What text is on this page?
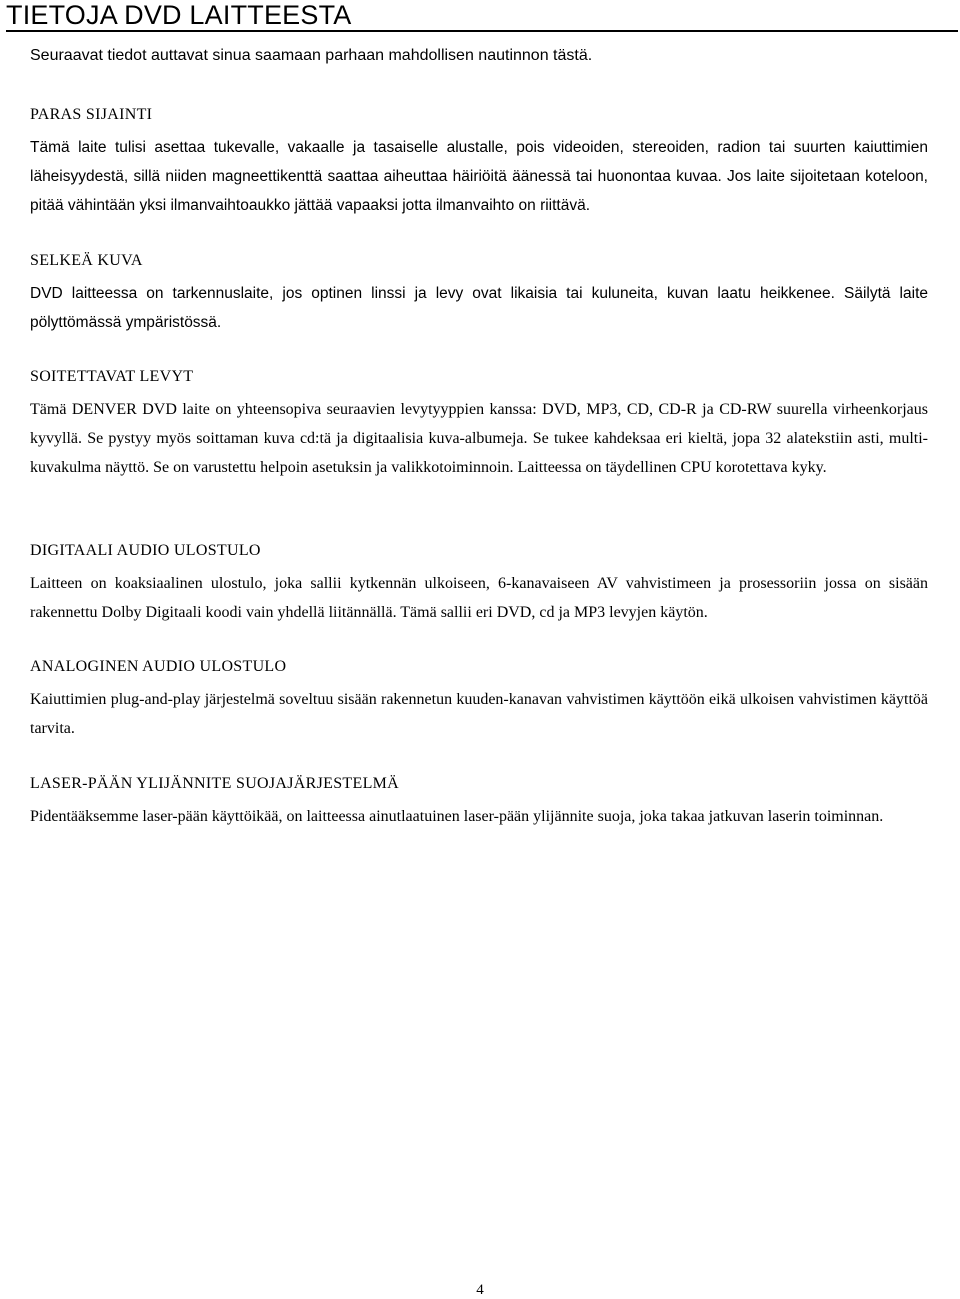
TIETOJA DVD LAITTEESTA

Seuraavat tiedot auttavat sinua saamaan parhaan mahdollisen nautinnon tästä.

PARAS SIJAINTI

Tämä laite tulisi asettaa tukevalle, vakaalle ja tasaiselle alustalle, pois videoiden, stereoiden, radion tai suurten kaiuttimien läheisyydestä, sillä niiden magneettikenttä saattaa aiheuttaa häiriöitä äänessä tai huonontaa kuvaa. Jos laite sijoitetaan koteloon, pitää vähintään yksi ilmanvaihtoaukko jättää vapaaksi jotta ilmanvaihto on riittävä.

SELKEÄ KUVA

DVD laitteessa on tarkennuslaite, jos optinen linssi ja levy ovat likaisia tai kuluneita, kuvan laatu heikkenee. Säilytä laite pölyttömässä ympäristössä.

SOITETTAVAT LEVYT

Tämä DENVER DVD laite on yhteensopiva seuraavien levytyyppien kanssa: DVD, MP3, CD, CD-R ja CD-RW suurella virheenkorjaus kyvyllä. Se pystyy myös soittaman kuva cd:tä ja digitaalisia kuva-albumeja. Se tukee kahdeksaa eri kieltä, jopa 32 alatekstiin asti, multi-kuvakulma näyttö. Se on varustettu helpoin asetuksin ja valikkotoiminnoin. Laitteessa on täydellinen CPU korotettava kyky.

DIGITAALI AUDIO ULOSTULO

Laitteen on koaksiaalinen ulostulo, joka sallii kytkennän ulkoiseen, 6-kanavaiseen AV vahvistimeen ja prosessoriin jossa on sisään rakennettu Dolby Digitaali koodi vain yhdellä liitännällä. Tämä sallii eri DVD, cd ja MP3 levyjen käytön.

ANALOGINEN AUDIO ULOSTULO

Kaiuttimien plug-and-play järjestelmä soveltuu sisään rakennetun kuuden-kanavan vahvistimen käyttöön eikä ulkoisen vahvistimen käyttöä tarvita.

LASER-PÄÄN YLIJÄNNITE SUOJAJÄRJESTELMÄ

Pidentääksemme laser-pään käyttöikää, on laitteessa ainutlaatuinen laser-pään ylijännite suoja, joka takaa jatkuvan laserin toiminnan.

4
